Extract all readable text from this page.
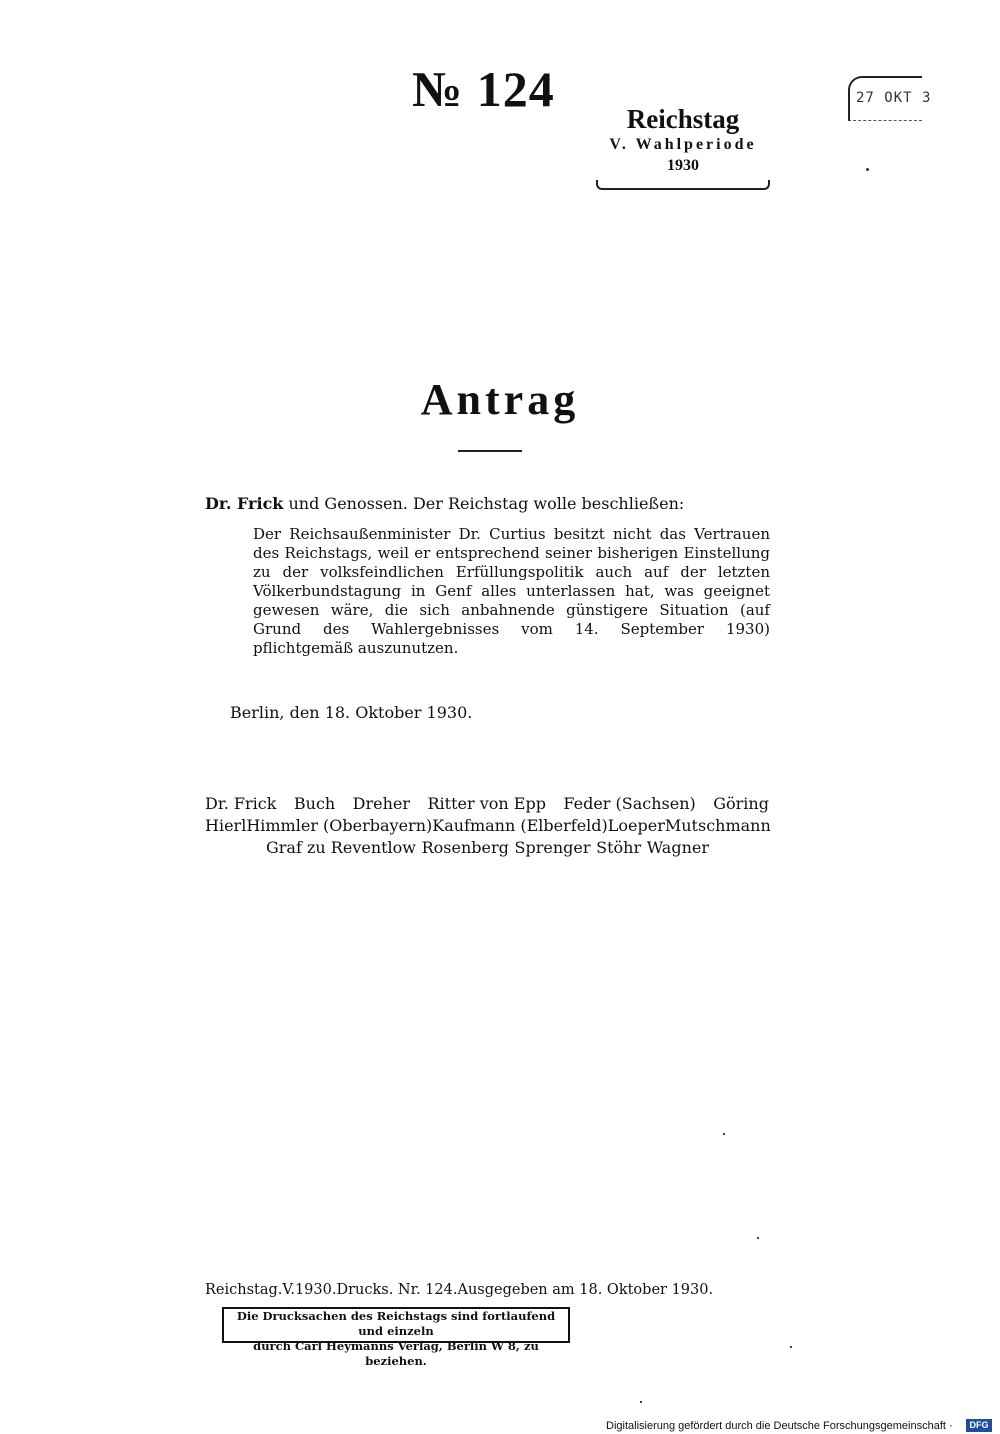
№ 124	27 OKT 3
Reichstag
V. Wahlperiode
1930
Antrag
Dr. Frick und Genossen. Der Reichstag wolle beschließen:
Der Reichsaußenminister Dr. Curtius besitzt nicht das Vertrauen des Reichstags, weil er entsprechend seiner bisherigen Einstellung zu der volksfeindlichen Erfüllungspolitik auch auf der letzten Völkerbundstagung in Genf alles unterlassen hat, was geeignet gewesen wäre, die sich anbahnende günstigere Situation (auf Grund des Wahlergebnisses vom 14. September 1930) pflichtgemäß auszunutzen.
Berlin, den 18. Oktober 1930.
Dr. Frick Buch Dreher Ritter von Epp Feder (Sachsen) Göring
Hierl Himmler (Oberbayern) Kaufmann (Elberfeld) Loeper Mutschmann
Graf zu Reventlow Rosenberg Sprenger Stöhr Wagner
Reichstag. V. 1930. Drucks. Nr. 124. Ausgegeben am 18. Oktober 1930.
Die Drucksachen des Reichstags sind fortlaufend und einzeln
durch Carl Heymanns Verlag, Berlin W 8, zu beziehen.
Digitalisierung gefördert durch die Deutsche Forschungsgemeinschaft ·	DFG
